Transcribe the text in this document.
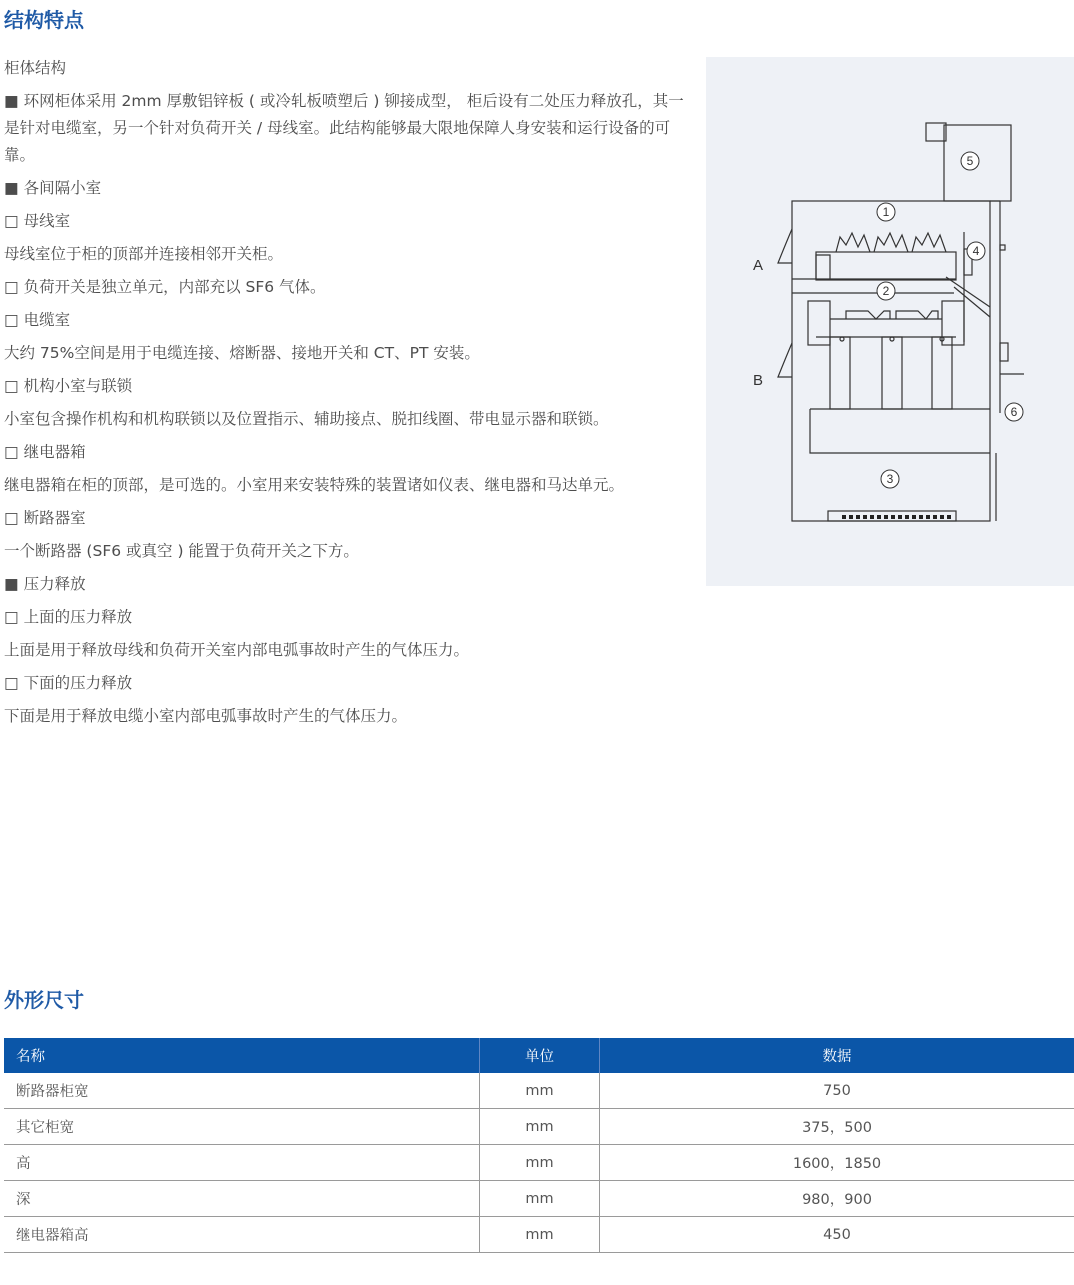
结构特点

柜体结构

■ 环网柜体采用 2mm 厚敷铝锌板 ( 或冷轧板喷塑后 ) 铆接成型， 柜后设有二处压力释放孔，其一是针对电缆室，另一个针对负荷开关 / 母线室。此结构能够最大限地保障人身安装和运行设备的可靠。

■ 各间隔小室

□ 母线室

母线室位于柜的顶部并连接相邻开关柜。

□ 负荷开关是独立单元，内部充以 SF6 气体。

□ 电缆室

大约 75%空间是用于电缆连接、熔断器、接地开关和 CT、PT 安装。

□ 机构小室与联锁

小室包含操作机构和机构联锁以及位置指示、辅助接点、脱扣线圈、带电显示器和联锁。

□ 继电器箱

继电器箱在柜的顶部，是可选的。小室用来安装特殊的装置诸如仪表、继电器和马达单元。

□ 断路器室

一个断路器 (SF6 或真空 ) 能置于负荷开关之下方。

■ 压力释放

□ 上面的压力释放

上面是用于释放母线和负荷开关室内部电弧事故时产生的气体压力。

□ 下面的压力释放

下面是用于释放电缆小室内部电弧事故时产生的气体压力。

5
1
4
2
6
3
A
B
外形尺寸
名称	单位	数据
断路器柜宽	mm	750
其它柜宽	mm	375，500
高	mm	1600，1850
深	mm	980，900
继电器箱高	mm	450
